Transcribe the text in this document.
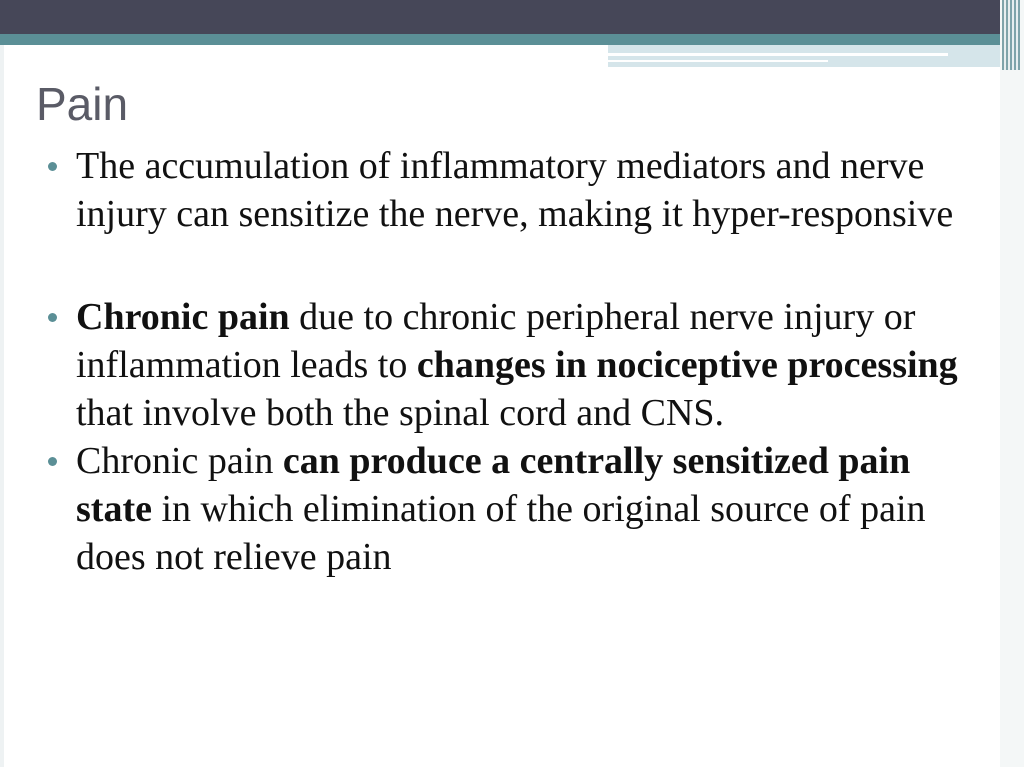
Pain
The accumulation of inflammatory mediators and nerve injury can sensitize the nerve, making it hyper-responsive
Chronic pain due to chronic peripheral nerve injury or inflammation leads to changes in nociceptive processing that involve both the spinal cord and CNS.
Chronic pain can produce a centrally sensitized pain state in which elimination of the original source of pain does not relieve pain
